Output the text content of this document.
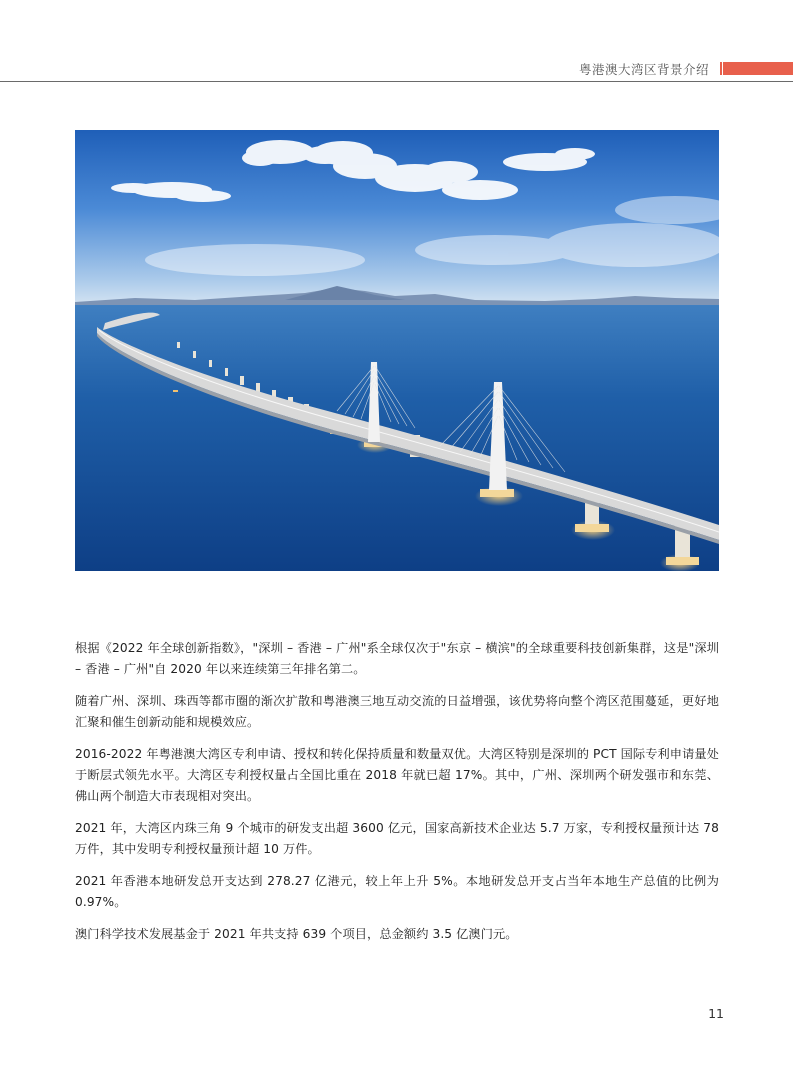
粤港澳大湾区背景介绍

根据《2022 年全球创新指数》，"深圳 – 香港 – 广州"系全球仅次于"东京 – 横滨"的全球重要科技创新集群，这是"深圳 – 香港 – 广州"自 2020 年以来连续第三年排名第二。

随着广州、深圳、珠西等都市圈的渐次扩散和粤港澳三地互动交流的日益增强，该优势将向整个湾区范围蔓延，更好地汇聚和催生创新动能和规模效应。

2016-2022 年粤港澳大湾区专利申请、授权和转化保持质量和数量双优。大湾区特别是深圳的 PCT 国际专利申请量处于断层式领先水平。大湾区专利授权量占全国比重在 2018 年就已超 17%。其中，广州、深圳两个研发强市和东莞、佛山两个制造大市表现相对突出。

2021 年，大湾区内珠三角 9 个城市的研发支出超 3600 亿元，国家高新技术企业达 5.7 万家，专利授权量预计达 78 万件，其中发明专利授权量预计超 10 万件。

2021 年香港本地研发总开支达到 278.27 亿港元，较上年上升 5%。本地研发总开支占当年本地生产总值的比例为 0.97%。

澳门科学技术发展基金于 2021 年共支持 639 个项目，总金额约 3.5 亿澳门元。

11
